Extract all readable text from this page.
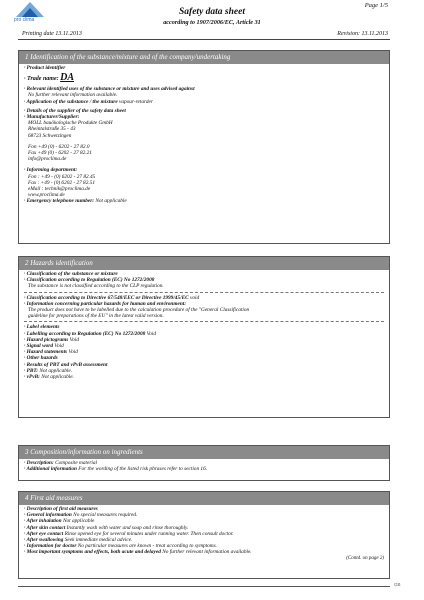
pro clima
Page 1/5
Safety data sheet
according to 1907/2006/EC, Article 31
Printing date 13.11.2013	Revision: 13.11.2013
1 Identification of the substance/mixture and of the company/undertaking
· Product identifier
· Trade name: DA
· Relevant identified uses of the substance or mixture and uses advised against
No further relevant information available.
· Application of the substance / the mixture vapour-retarder
· Details of the supplier of the safety data sheet
· Manufacturer/Supplier:
MOLL bauökologische Produkte GmbH
Rheintalstraße 35 - 43
68723 Schwetzingen
Fon +49 (0) - 6202 - 27 82.0
Fax +49 (0) - 6202 - 27 82.21
info@proclima.de
· Informing department:
Fon : +49 - (0) 6202 - 27 82.45
Fax : +49 - (0) 6202 - 27 82.51
eMail : technik@proclima.de
www.proclima.de
· Emergency telephone number: Not applicable
2 Hazards identification
· Classification of the substance or mixture
· Classification according to Regulation (EC) No 1272/2008
The substance is not classified according to the CLP regulation.
· Classification according to Directive 67/548/EEC or Directive 1999/45/EC void
· Information concerning particular hazards for human and environment:
The product does not have to be labelled due to the calculation procedure of the "General Classification
guideline for preparations of the EU" in the latest valid version.
· Label elements
· Labelling according to Regulation (EC) No 1272/2008 Void
· Hazard pictograms Void
· Signal word Void
· Hazard statements Void
· Other hazards
· Results of PBT and vPvB assessment
· PBT: Not applicable.
· vPvB: Not applicable.
3 Composition/information on ingredients
· Description: Composite material
· Additional information For the wording of the listed risk phrases refer to section 16.
4 First aid measures
· Description of first aid measures
· General information No special measures required.
· After inhalation Not applicable
· After skin contact Instantly wash with water and soap and rinse thoroughly.
· After eye contact Rinse opened eye for several minutes under running water. Then consult doctor.
· After swallowing Seek immediate medical advice.
· Information for doctor No particular measures are known - treat according to symptoms.
· Most important symptoms and effects, both acute and delayed No further relevant information available.
(Contd. on page 2)
GB
